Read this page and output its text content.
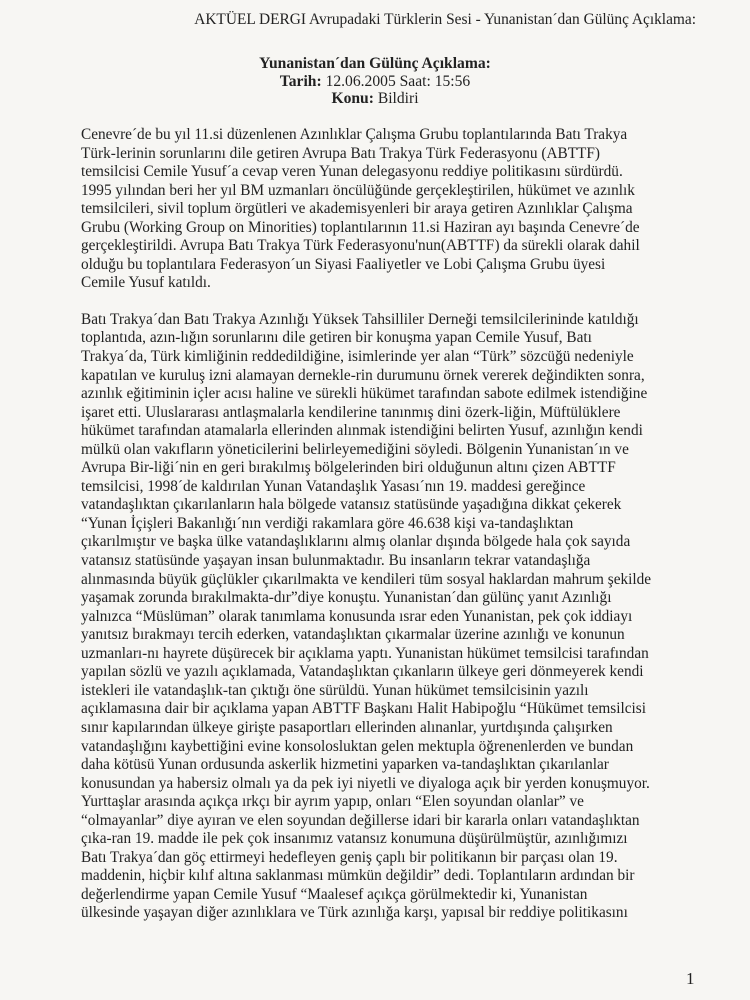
AKTÜEL DERGI Avrupadaki Türklerin Sesi - Yunanistan´dan Gülünç Açıklama:
Yunanistan´dan Gülünç Açıklama:
Tarih: 12.06.2005 Saat: 15:56
Konu: Bildiri
Cenevre´de bu yıl 11.si düzenlenen Azınlıklar Çalışma Grubu toplantılarında Batı Trakya
Türk-lerinin sorunlarını dile getiren Avrupa Batı Trakya Türk Federasyonu (ABTTF)
temsilcisi Cemile Yusuf´a cevap veren Yunan delegasyonu reddiye politikasını sürdürdü.
1995 yılından beri her yıl BM uzmanları öncülüğünde gerçekleştirilen, hükümet ve azınlık
temsilcileri, sivil toplum örgütleri ve akademisyenleri bir araya getiren Azınlıklar Çalışma
Grubu (Working Group on Minorities) toplantılarının 11.si Haziran ayı başında Cenevre´de
gerçekleştirildi. Avrupa Batı Trakya Türk Federasyonu'nun(ABTTF) da sürekli olarak dahil
olduğu bu toplantılara Federasyon´un Siyasi Faaliyetler ve Lobi Çalışma Grubu üyesi
Cemile Yusuf katıldı.
Batı Trakya´dan Batı Trakya Azınlığı Yüksek Tahsilliler Derneği temsilcilerininde katıldığı
toplantıda, azın-lığın sorunlarını dile getiren bir konuşma yapan Cemile Yusuf, Batı
Trakya´da, Türk kimliğinin reddedildiğine, isimlerinde yer alan “Türk” sözcüğü nedeniyle
kapatılan ve kuruluş izni alamayan dernekle-rin durumunu örnek vererek değindikten sonra,
azınlık eğitiminin içler acısı haline ve sürekli hükümet tarafından sabote edilmek istendiğine
işaret etti. Uluslararası antlaşmalarla kendilerine tanınmış dini özerk-liğin, Müftülüklere
hükümet tarafından atamalarla ellerinden alınmak istendiğini belirten Yusuf, azınlığın kendi
mülkü olan vakıfların yöneticilerini belirleyemediğini söyledi. Bölgenin Yunanistan´ın ve
Avrupa Bir-liği´nin en geri bırakılmış bölgelerinden biri olduğunun altını çizen ABTTF
temsilcisi, 1998´de kaldırılan Yunan Vatandaşlık Yasası´nın 19. maddesi gereğince
vatandaşlıktan çıkarılanların hala bölgede vatansız statüsünde yaşadığına dikkat çekerek
“Yunan İçişleri Bakanlığı´nın verdiği rakamlara göre 46.638 kişi va-tandaşlıktan
çıkarılmıştır ve başka ülke vatandaşlıklarını almış olanlar dışında bölgede hala çok sayıda
vatansız statüsünde yaşayan insan bulunmaktadır. Bu insanların tekrar vatandaşlığa
alınmasında büyük güçlükler çıkarılmakta ve kendileri tüm sosyal haklardan mahrum şekilde
yaşamak zorunda bırakılmakta-dır”diye konuştu. Yunanistan´dan gülünç yanıt Azınlığı
yalnızca “Müslüman” olarak tanımlama konusunda ısrar eden Yunanistan, pek çok iddiayı
yanıtsız bırakmayı tercih ederken, vatandaşlıktan çıkarmalar üzerine azınlığı ve konunun
uzmanları-nı hayrete düşürecek bir açıklama yaptı. Yunanistan hükümet temsilcisi tarafından
yapılan sözlü ve yazılı açıklamada, Vatandaşlıktan çıkanların ülkeye geri dönmeyerek kendi
istekleri ile vatandaşlık-tan çıktığı öne sürüldü. Yunan hükümet temsilcisinin yazılı
açıklamasına dair bir açıklama yapan ABTTF Başkanı Halit Habipoğlu “Hükümet temsilcisi
sınır kapılarından ülkeye girişte pasaportları ellerinden alınanlar, yurtdışında çalışırken
vatandaşlığını kaybettiğini evine konsolosluktan gelen mektupla öğrenenlerden ve bundan
daha kötüsü Yunan ordusunda askerlik hizmetini yaparken va-tandaşlıktan çıkarılanlar
konusundan ya habersiz olmalı ya da pek iyi niyetli ve diyaloga açık bir yerden konuşmuyor.
Yurttaşlar arasında açıkça ırkçı bir ayrım yapıp, onları “Elen soyundan olanlar” ve
“olmayanlar” diye ayıran ve elen soyundan değillerse idari bir kararla onları vatandaşlıktan
çıka-ran 19. madde ile pek çok insanımız vatansız konumuna düşürülmüştür, azınlığımızı
Batı Trakya´dan göç ettirmeyi hedefleyen geniş çaplı bir politikanın bir parçası olan 19.
maddenin, hiçbir kılıf altına saklanması mümkün değildir” dedi. Toplantıların ardından bir
değerlendirme yapan Cemile Yusuf “Maalesef açıkça görülmektedir ki, Yunanistan
ülkesinde yaşayan diğer azınlıklara ve Türk azınlığa karşı, yapısal bir reddiye politikasını
1
